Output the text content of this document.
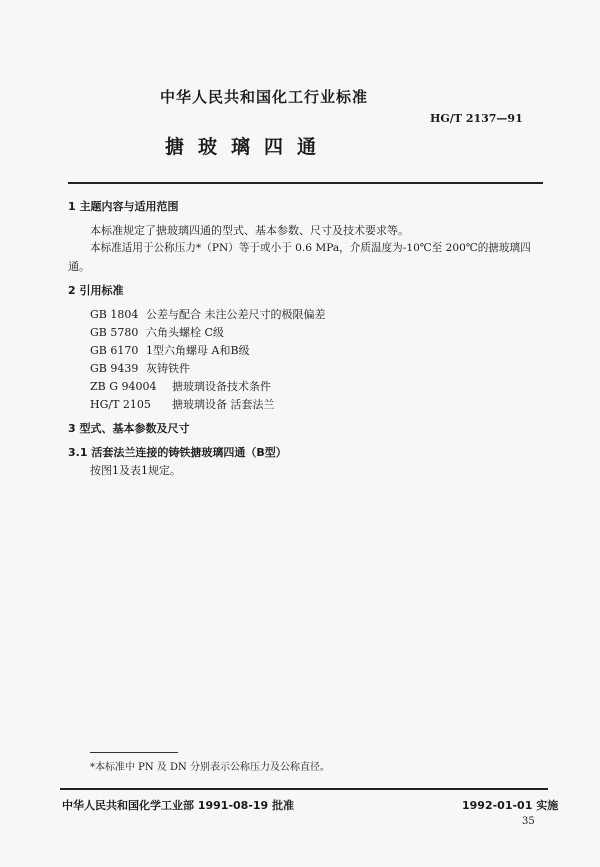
中华人民共和国化工行业标准
HG/T 2137—91
搪玻璃四通
1 主题内容与适用范围
本标准规定了搪玻璃四通的型式、基本参数、尺寸及技术要求等。
本标准适用于公称压力*（PN）等于或小于 0.6 MPa，介质温度为-10℃至 200℃的搪玻璃四
通。
2 引用标准
GB 1804 公差与配合 未注公差尺寸的极限偏差
GB 5780 六角头螺栓 C级
GB 6170 1型六角螺母 A和B级
GB 9439 灰铸铁件
ZB G 94004 搪玻璃设备技术条件
HG/T 2105 搪玻璃设备 活套法兰
3 型式、基本参数及尺寸
3.1 活套法兰连接的铸铁搪玻璃四通（B型）
按图1及表1规定。
*本标准中 PN 及 DN 分别表示公称压力及公称直径。
中华人民共和国化学工业部 1991-08-19 批准	1992-01-01 实施
35
